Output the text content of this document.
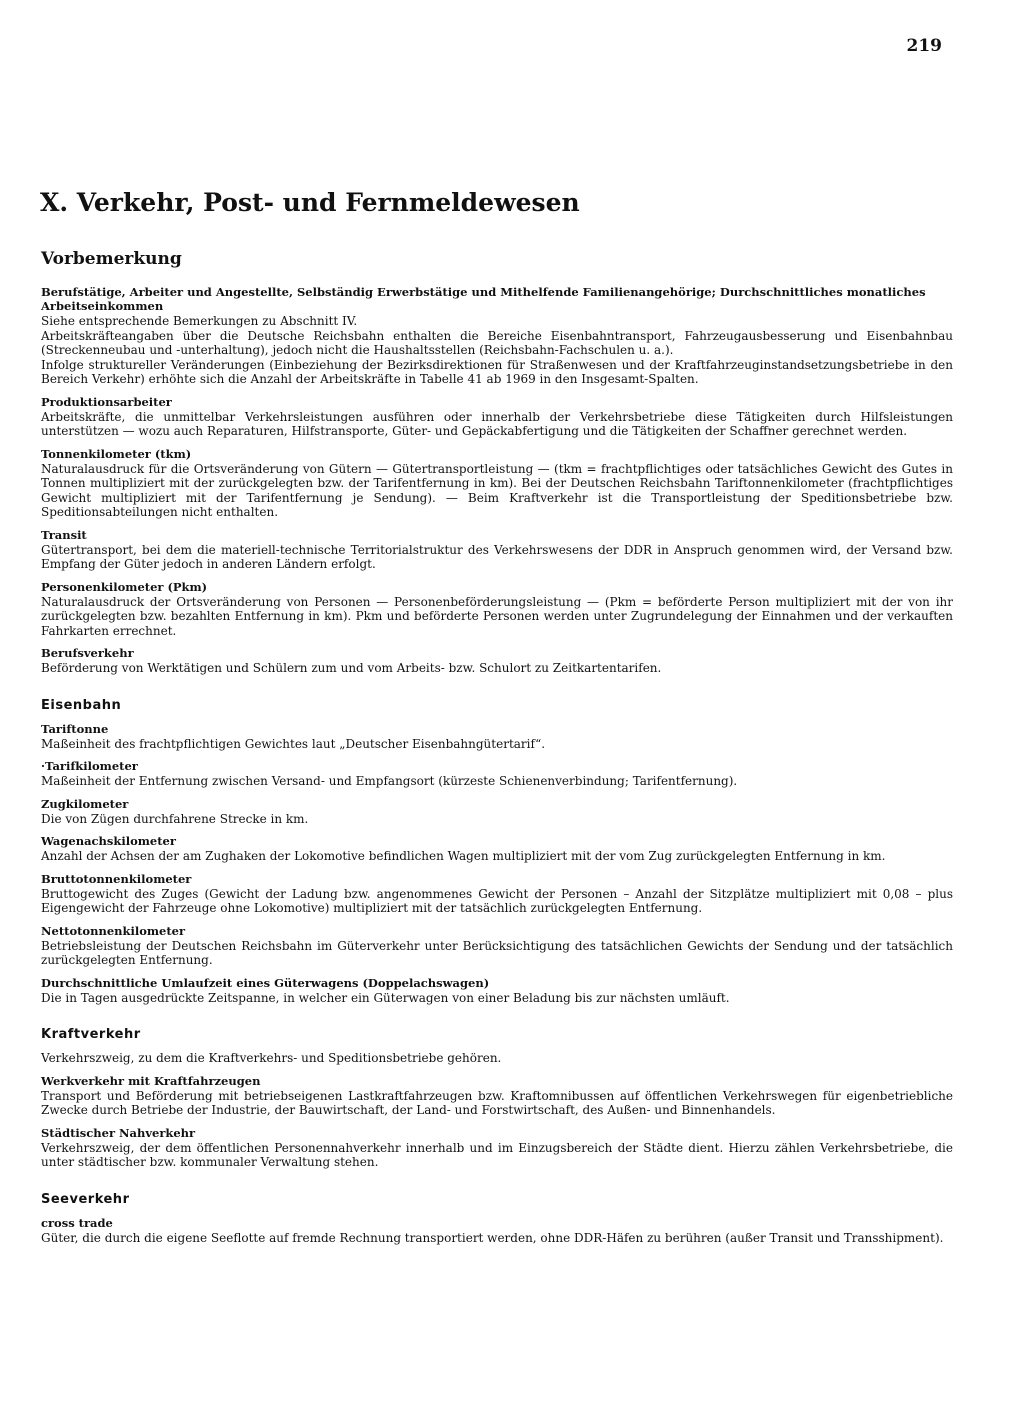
219
X. Verkehr, Post- und Fernmeldewesen
Vorbemerkung
Berufstätige, Arbeiter und Angestellte, Selbständig Erwerbstätige und Mithelfende Familienangehörige; Durchschnittliches monatliches Arbeitseinkommen
Siehe entsprechende Bemerkungen zu Abschnitt IV.
Arbeitskräfteangaben über die Deutsche Reichsbahn enthalten die Bereiche Eisenbahntransport, Fahrzeugausbesserung und Eisenbahnbau (Streckenneubau und -unterhaltung), jedoch nicht die Haushaltsstellen (Reichsbahn-Fachschulen u. a.).
Infolge struktureller Veränderungen (Einbeziehung der Bezirksdirektionen für Straßenwesen und der Kraftfahrzeuginstandsetzungsbetriebe in den Bereich Verkehr) erhöhte sich die Anzahl der Arbeitskräfte in Tabelle 41 ab 1969 in den Insgesamt-Spalten.
Produktionsarbeiter
Arbeitskräfte, die unmittelbar Verkehrsleistungen ausführen oder innerhalb der Verkehrsbetriebe diese Tätigkeiten durch Hilfsleistungen unterstützen — wozu auch Reparaturen, Hilfstransporte, Güter- und Gepäckabfertigung und die Tätigkeiten der Schaffner gerechnet werden.
Tonnenkilometer (tkm)
Naturalausdruck für die Ortsveränderung von Gütern — Gütertransportleistung — (tkm = frachtpflichtiges oder tatsächliches Gewicht des Gutes in Tonnen multipliziert mit der zurückgelegten bzw. der Tarifentfernung in km). Bei der Deutschen Reichsbahn Tariftonnenkilometer (frachtpflichtiges Gewicht multipliziert mit der Tarifentfernung je Sendung). — Beim Kraftverkehr ist die Transportleistung der Speditionsbetriebe bzw. Speditionsabteilungen nicht enthalten.
Transit
Gütertransport, bei dem die materiell-technische Territorialstruktur des Verkehrswesens der DDR in Anspruch genommen wird, der Versand bzw. Empfang der Güter jedoch in anderen Ländern erfolgt.
Personenkilometer (Pkm)
Naturalausdruck der Ortsveränderung von Personen — Personenbeförderungsleistung — (Pkm = beförderte Person multipliziert mit der von ihr zurückgelegten bzw. bezahlten Entfernung in km). Pkm und beförderte Personen werden unter Zugrundelegung der Einnahmen und der verkauften Fahrkarten errechnet.
Berufsverkehr
Beförderung von Werktätigen und Schülern zum und vom Arbeits- bzw. Schulort zu Zeitkartentarifen.
Eisenbahn
Tariftonne
Maßeinheit des frachtpflichtigen Gewichtes laut „Deutscher Eisenbahngütertarif“.
·Tarifkilometer
Maßeinheit der Entfernung zwischen Versand- und Empfangsort (kürzeste Schienenverbindung; Tarifentfernung).
Zugkilometer
Die von Zügen durchfahrene Strecke in km.
Wagenachskilometer
Anzahl der Achsen der am Zughaken der Lokomotive befindlichen Wagen multipliziert mit der vom Zug zurückgelegten Entfernung in km.
Bruttotonnenkilometer
Bruttogewicht des Zuges (Gewicht der Ladung bzw. angenommenes Gewicht der Personen – Anzahl der Sitzplätze multipliziert mit 0,08 – plus Eigengewicht der Fahrzeuge ohne Lokomotive) multipliziert mit der tatsächlich zurückgelegten Entfernung.
Nettotonnenkilometer
Betriebsleistung der Deutschen Reichsbahn im Güterverkehr unter Berücksichtigung des tatsächlichen Gewichts der Sendung und der tatsächlich zurückgelegten Entfernung.
Durchschnittliche Umlaufzeit eines Güterwagens (Doppelachswagen)
Die in Tagen ausgedrückte Zeitspanne, in welcher ein Güterwagen von einer Beladung bis zur nächsten umläuft.
Kraftverkehr
Verkehrszweig, zu dem die Kraftverkehrs- und Speditionsbetriebe gehören.
Werkverkehr mit Kraftfahrzeugen
Transport und Beförderung mit betriebseigenen Lastkraftfahrzeugen bzw. Kraftomnibussen auf öffentlichen Verkehrswegen für eigenbetriebliche Zwecke durch Betriebe der Industrie, der Bauwirtschaft, der Land- und Forstwirtschaft, des Außen- und Binnenhandels.
Städtischer Nahverkehr
Verkehrszweig, der dem öffentlichen Personennahverkehr innerhalb und im Einzugsbereich der Städte dient. Hierzu zählen Verkehrsbetriebe, die unter städtischer bzw. kommunaler Verwaltung stehen.
Seeverkehr
cross trade
Güter, die durch die eigene Seeflotte auf fremde Rechnung transportiert werden, ohne DDR-Häfen zu berühren (außer Transit und Transshipment).
